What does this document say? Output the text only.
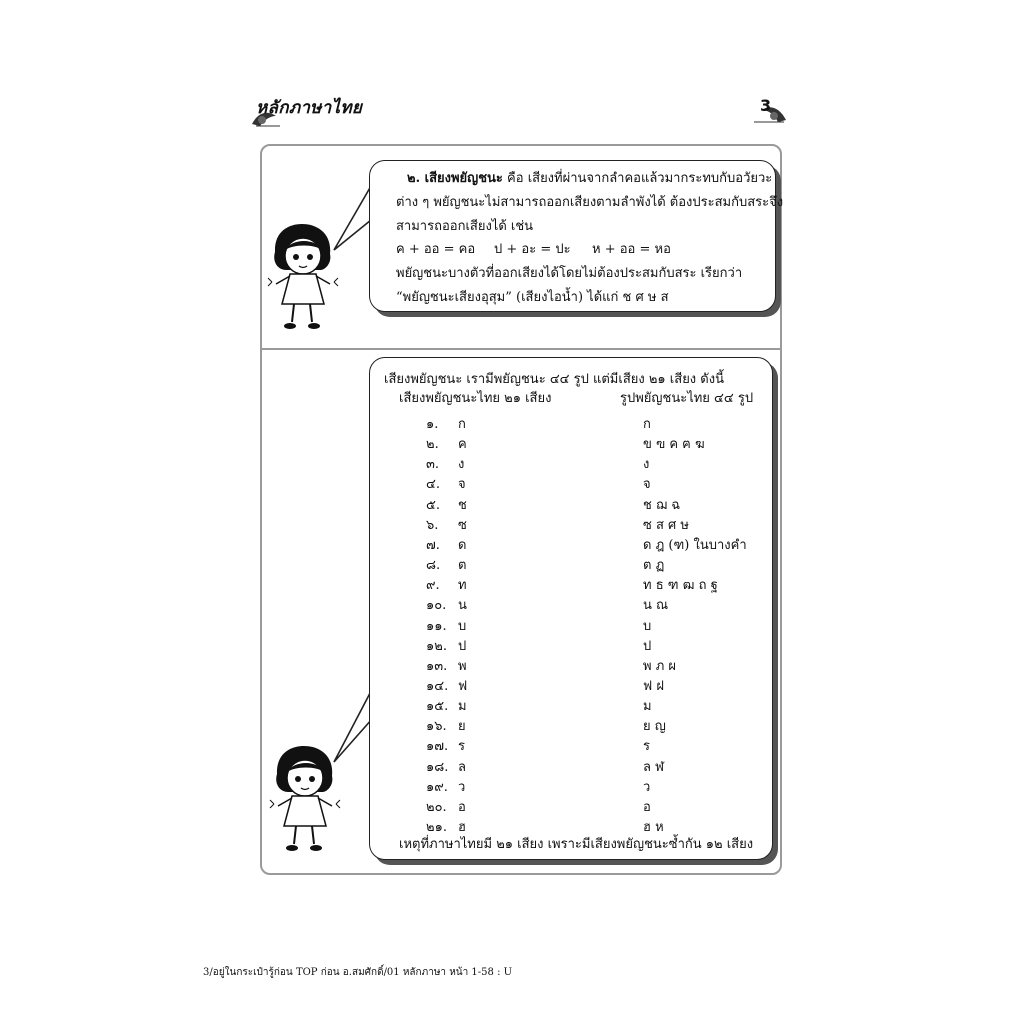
หลักภาษาไทย	3
๒. เสียงพยัญชนะ คือ เสียงที่ผ่านจากลำคอแล้วมากระทบกับอวัยวะ
ต่าง ๆ พยัญชนะไม่สามารถออกเสียงตามลำพังได้ ต้องประสมกับสระจึง
สามารถออกเสียงได้ เช่น
ค + ออ = คอ ป + อะ = ปะ ห + ออ = หอ
พยัญชนะบางตัวที่ออกเสียงได้โดยไม่ต้องประสมกับสระ เรียกว่า
“พยัญชนะเสียงอุสุม” (เสียงไอน้ำ) ได้แก่ ช ศ ษ ส
เสียงพยัญชนะ เรามีพยัญชนะ ๔๔ รูป แต่มีเสียง ๒๑ เสียง ดังนี้
เสียงพยัญชนะไทย ๒๑ เสียง	รูปพยัญชนะไทย ๔๔ รูป
๑. ก	ก
๒. ค	ข ฃ ค ฅ ฆ
๓. ง	ง
๔. จ	จ
๕. ช	ช ฌ ฉ
๖. ซ	ซ ส ศ ษ
๗. ด	ด ฎ (ฑ) ในบางคำ
๘. ต	ต ฏ
๙. ท	ท ธ ฑ ฒ ถ ฐ
๑๐. น	น ณ
๑๑. บ	บ
๑๒. ป	ป
๑๓. พ	พ ภ ผ
๑๔. ฟ	ฟ ฝ
๑๕. ม	ม
๑๖. ย	ย ญ
๑๗. ร	ร
๑๘. ล	ล ฬ
๑๙. ว	ว
๒๐. อ	อ
๒๑. ฮ	ฮ ห
เหตุที่ภาษาไทยมี ๒๑ เสียง เพราะมีเสียงพยัญชนะซ้ำกัน ๑๒ เสียง
3/อยู่ในกระเป๋ารู้ก่อน TOP ก่อน อ.สมศักดิ์/01 หลักภาษา หน้า 1-58 : U
